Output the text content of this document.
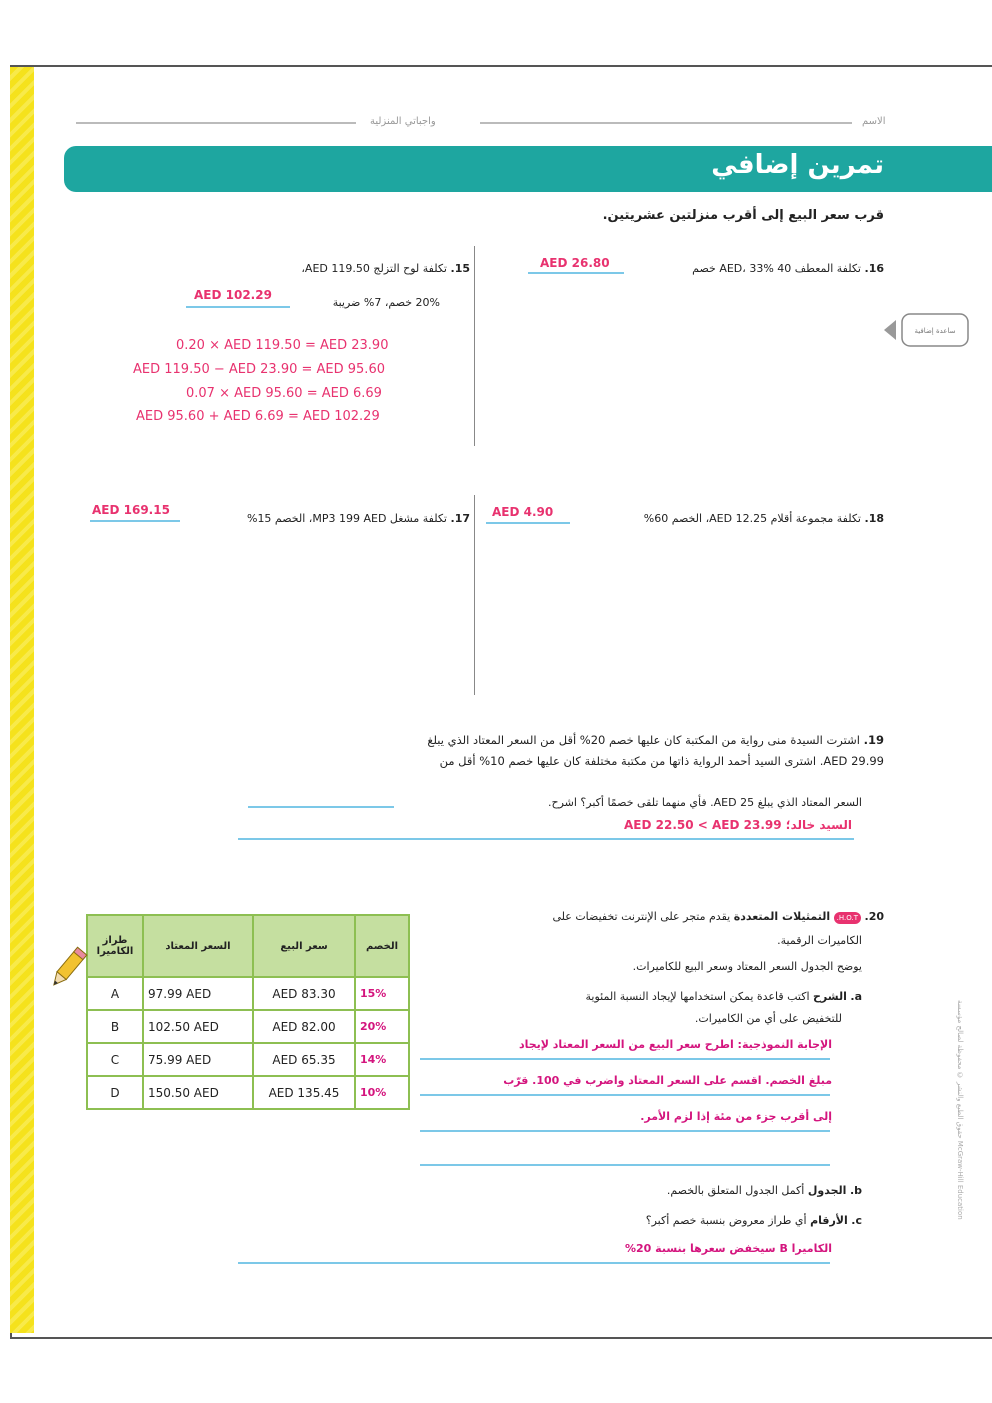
الاسم
واجباتي المنزلية
تمرين إضافي
قرب سعر البيع إلى أقرب منزلتين عشريتين.
16. تكلفة المعطف 40 AED، 33% خصم
AED 26.80
15. تكلفة لوح التزلج 119.50 AED،
20% خصم، 7% ضريبة
AED 102.29
0.20 × AED 119.50 = AED 23.90
AED 119.50 − AED 23.90 = AED 95.60
0.07 × AED 95.60 = AED 6.69
AED 95.60 + AED 6.69 = AED 102.29
ساعدة إضافية
18. تكلفة مجموعة أقلام 12.25 AED، الخصم 60%
AED 4.90
17. تكلفة مشغل MP3 199 AED، الخصم 15%
AED 169.15
19. اشترت السيدة منى رواية من المكتبة كان عليها خصم 20% أقل من السعر المعتاد الذي يبلغ
29.99 AED. اشترى السيد أحمد الرواية ذاتها من مكتبة مختلفة كان عليها خصم 10% أقل من
السعر المعتاد الذي يبلغ 25 AED. فأي منهما تلقى خصمًا أكبر؟ اشرح.
السيد خالد؛ AED 22.50 < AED 23.99
20. H.O.T. التمثيلات المتعددة يقدم متجر على الإنترنت تخفيضات على
الكاميرات الرقمية.
يوضح الجدول السعر المعتاد وسعر البيع للكاميرات.
a. الشرح اكتب قاعدة يمكن استخدامها لإيجاد النسبة المئوية
للتخفيض على أي من الكاميرات.
الإجابة النموذجية: اطرح سعر البيع من السعر المعتاد لإيجاد
مبلغ الخصم. اقسم على السعر المعتاد واضرب في 100. قرّب
إلى أقرب جزء من مئة إذا لزم الأمر.
b. الجدول أكمل الجدول المتعلق بالخصم.
c. الأرقام أي طراز معروض بنسبة خصم أكبر؟
الكاميرا B سيخفض سعرها بنسبة 20%
طراز الكاميرا	السعر المعتاد	سعر البيع	الخصم
A	97.99 AED	AED 83.30	15%
B	102.50 AED	AED 82.00	20%
C	75.99 AED	AED 65.35	14%
D	150.50 AED	AED 135.45	10%	حقوق الطبع والنشر © محفوظة لصالح مؤسسة McGraw-Hill Education
